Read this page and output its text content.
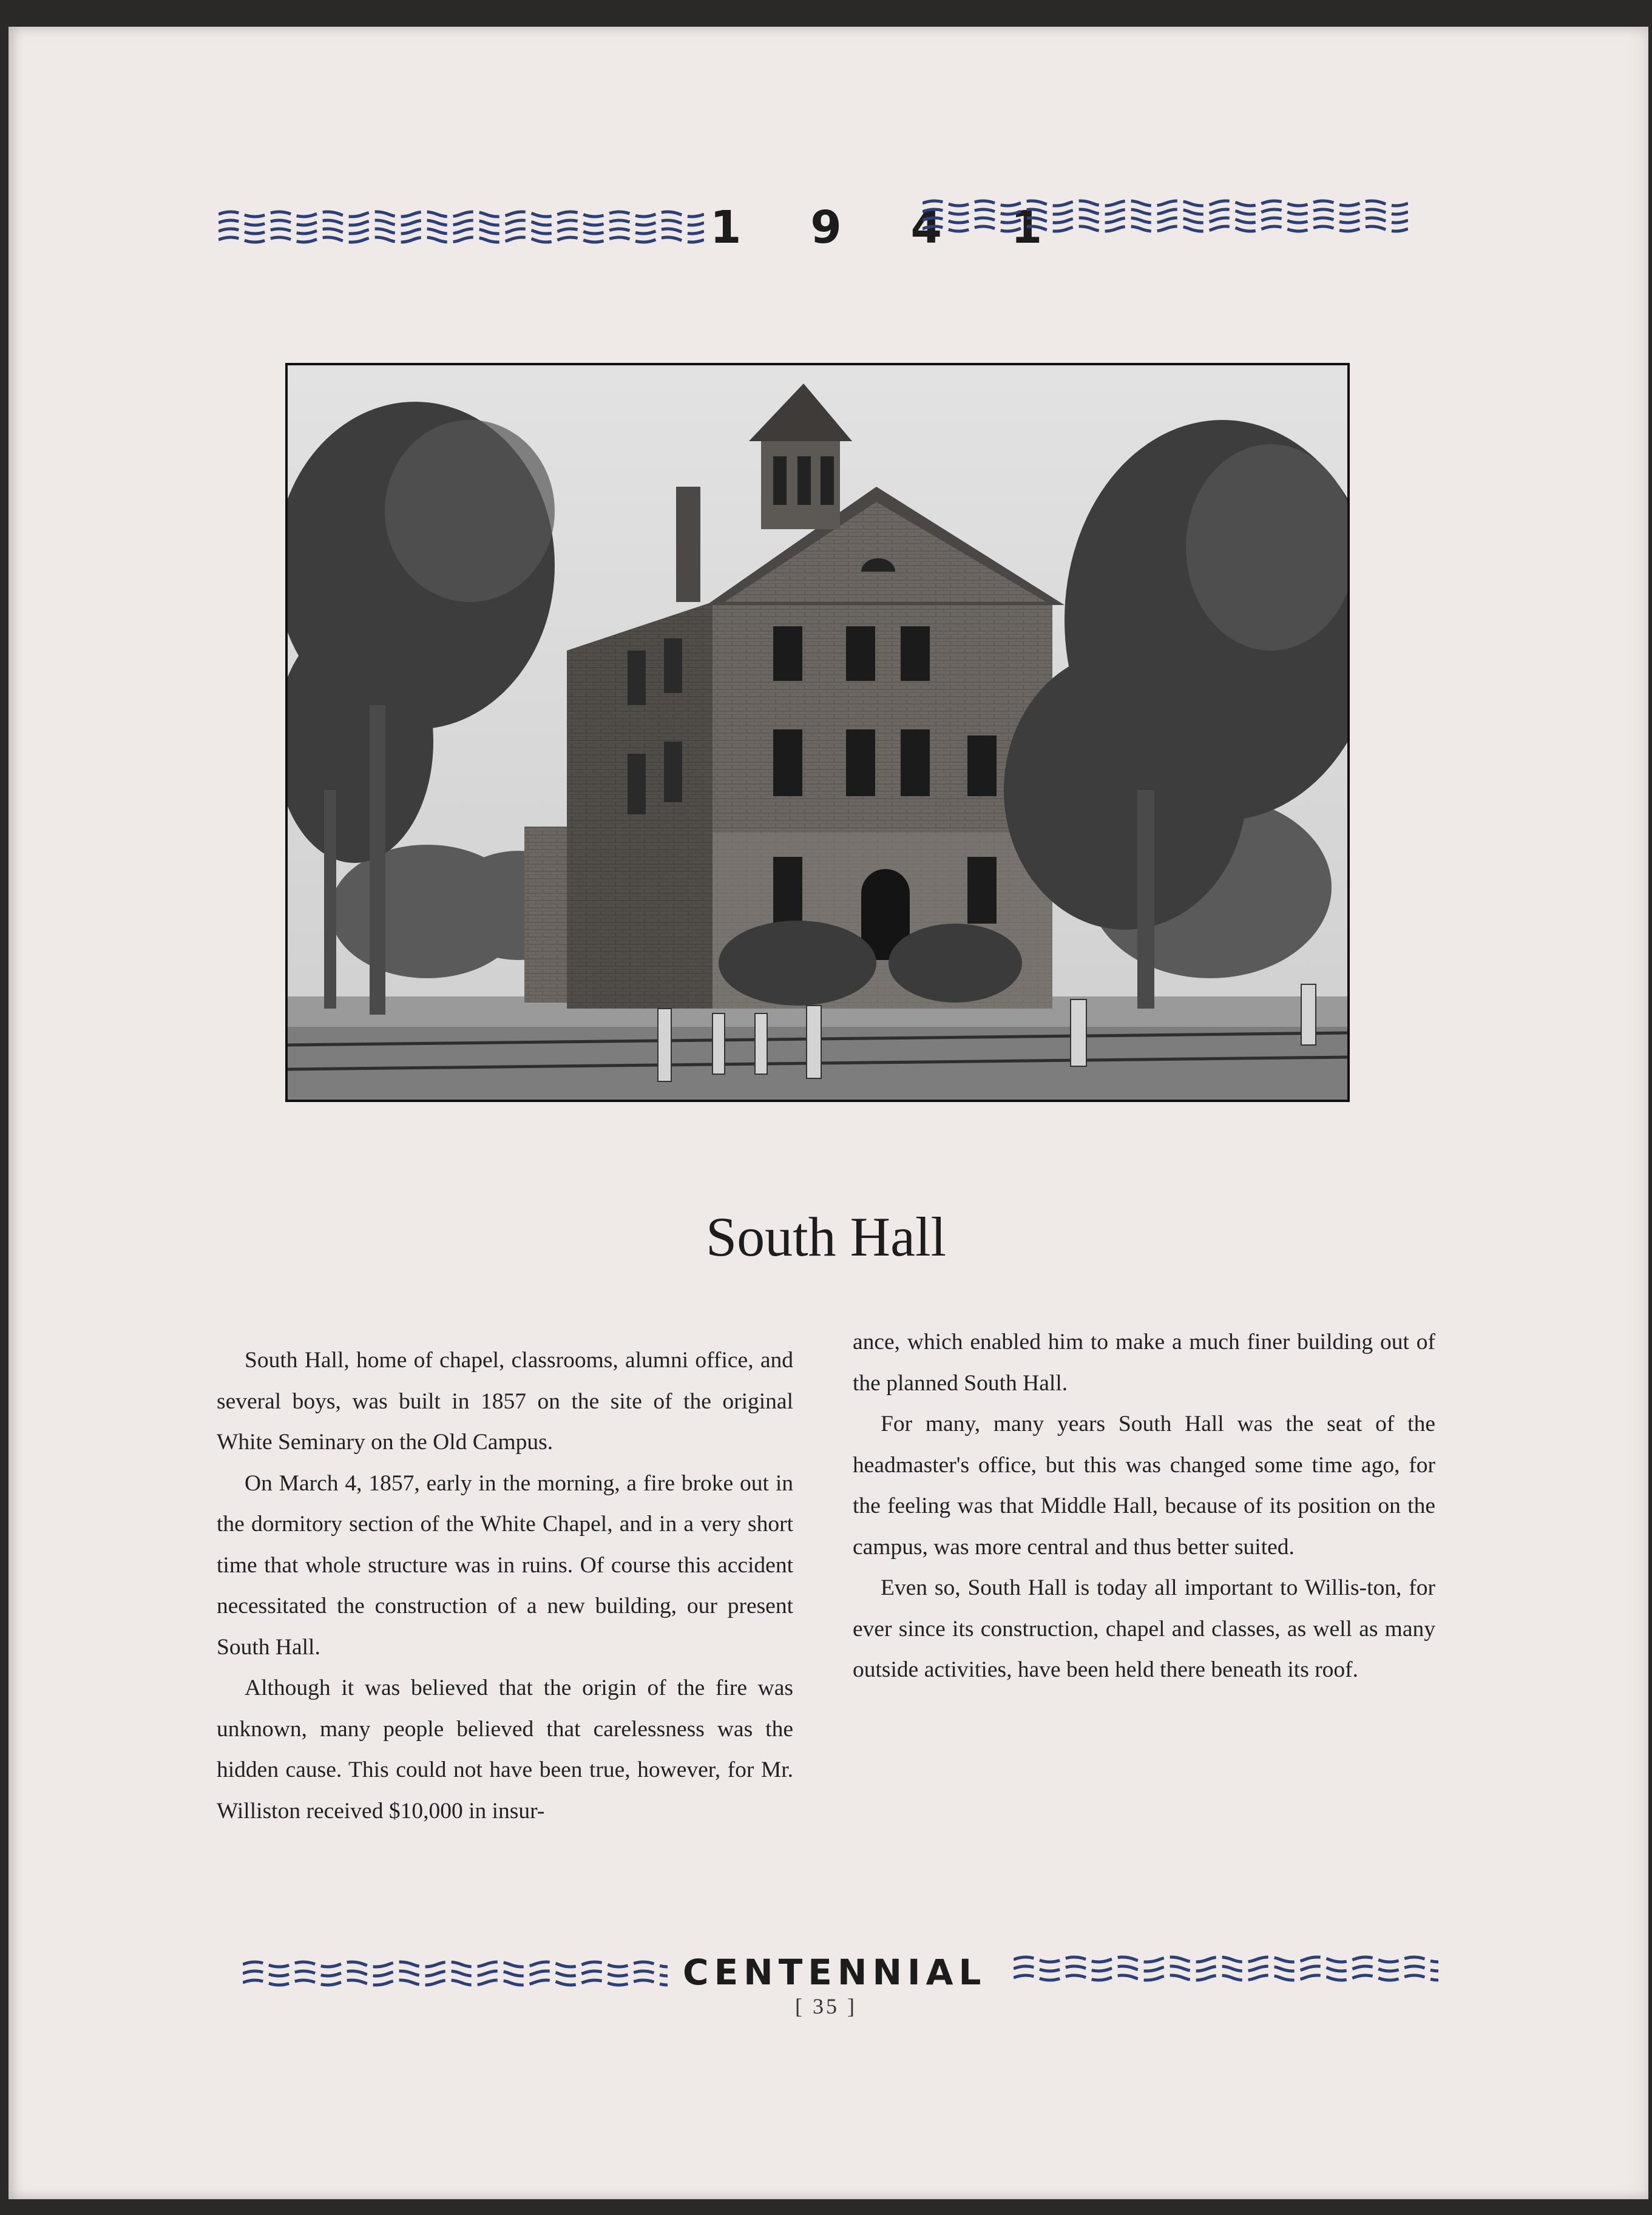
1 9 4 1
South Hall

South Hall, home of chapel, classrooms, alumni office, and several boys, was built in 1857 on the site of the original White Seminary on the Old Campus.

On March 4, 1857, early in the morning, a fire broke out in the dormitory section of the White Chapel, and in a very short time that whole structure was in ruins. Of course this accident necessitated the construction of a new building, our present South Hall.

Although it was believed that the origin of the fire was unknown, many people believed that carelessness was the hidden cause. This could not have been true, however, for Mr. Williston received $10,000 in insur-

ance, which enabled him to make a much finer building out of the planned South Hall.

For many, many years South Hall was the seat of the headmaster's office, but this was changed some time ago, for the feeling was that Middle Hall, because of its position on the campus, was more central and thus better suited.

Even so, South Hall is today all important to Willis-ton, for ever since its construction, chapel and classes, as well as many outside activities, have been held there beneath its roof.

CENTENNIAL
[ 35 ]
